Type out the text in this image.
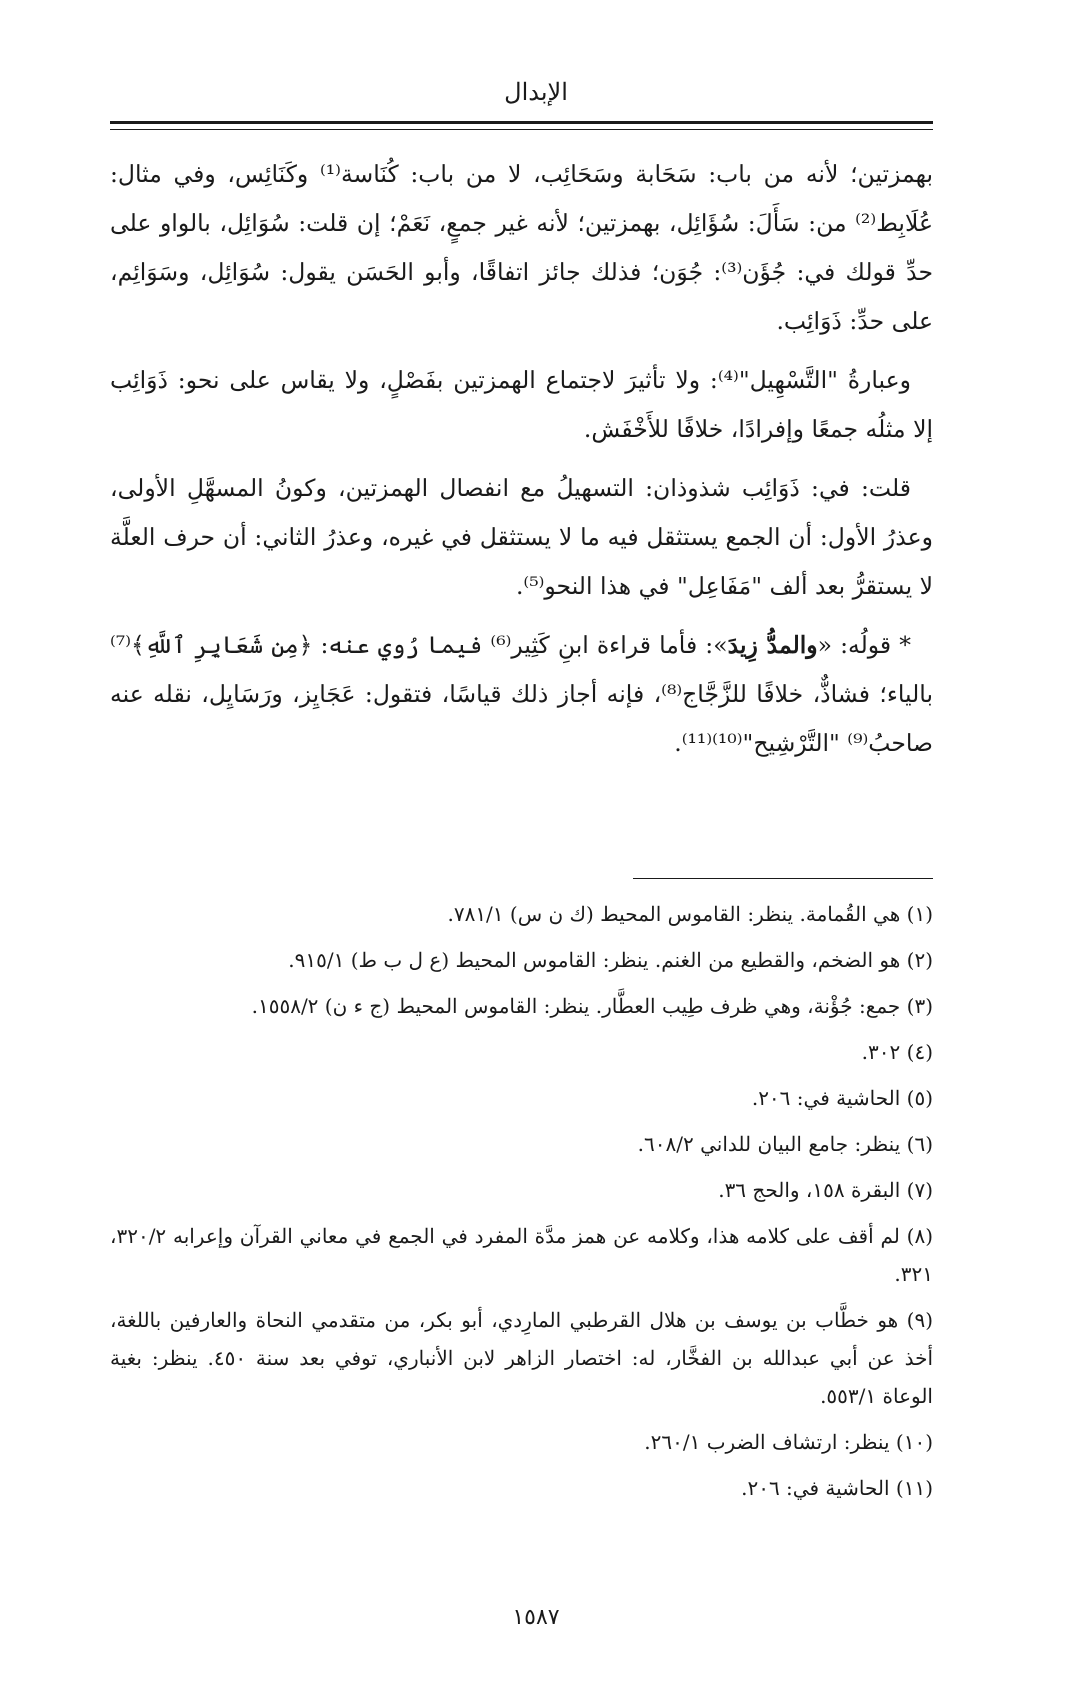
الإبدال

بهمزتين؛ لأنه من باب: سَحَابة وسَحَائِب، لا من باب: كُنَاسة⁽¹⁾ وكَنَائِس، وفي مثال: عُلَابِط⁽²⁾ من: سَأَلَ: سُؤَائِل، بهمزتين؛ لأنه غير جمعٍ، نَعَمْ؛ إن قلت: سُوَائِل، بالواو على حدِّ قولك في: جُؤَن⁽³⁾: جُوَن؛ فذلك جائز اتفاقًا، وأبو الحَسَن يقول: سُوَائِل، وسَوَائِم، على حدِّ: ذَوَائِب.

وعبارةُ "التَّسْهِيل"⁽⁴⁾: ولا تأثيرَ لاجتماع الهمزتين بفَصْلٍ، ولا يقاس على نحو: ذَوَائِب إلا مثلُه جمعًا وإفرادًا، خلافًا للأَخْفَش.

قلت: في: ذَوَائِب شذوذان: التسهيلُ مع انفصال الهمزتين، وكونُ المسهَّلِ الأولى، وعذرُ الأول: أن الجمع يستثقل فيه ما لا يستثقل في غيره، وعذرُ الثاني: أن حرف العلَّة لا يستقرُّ بعد ألف "مَفَاعِل" في هذا النحو⁽⁵⁾.

* قولُه: «والمدُّ زِيدَ»: فأما قراءة ابنِ كَثِير⁽⁶⁾ فيما رُوي عنه: ﴿مِن شَعَايِرِ ٱللَّهِ﴾⁽⁷⁾ بالياء؛ فشاذٌّ، خلافًا للزَّجَّاج⁽⁸⁾، فإنه أجاز ذلك قياسًا، فتقول: عَجَايِز، ورَسَايِل، نقله عنه صاحبُ⁽⁹⁾ "التَّرْشِيح"⁽¹⁰⁾⁽¹¹⁾.

(١) هي القُمامة. ينظر: القاموس المحيط (ك ن س) ٧٨١/١.

(٢) هو الضخم، والقطيع من الغنم. ينظر: القاموس المحيط (ع ل ب ط) ٩١٥/١.

(٣) جمع: جُؤْنة، وهي ظرف طِيب العطَّار. ينظر: القاموس المحيط (ج ء ن) ١٥٥٨/٢.

(٤) ٣٠٢.

(٥) الحاشية في: ٢٠٦.

(٦) ينظر: جامع البيان للداني ٦٠٨/٢.

(٧) البقرة ١٥٨، والحج ٣٦.

(٨) لم أقف على كلامه هذا، وكلامه عن همز مدَّة المفرد في الجمع في معاني القرآن وإعرابه ٣٢٠/٢، ٣٢١.

(٩) هو خطَّاب بن يوسف بن هلال القرطبي المارِدي، أبو بكر، من متقدمي النحاة والعارفين باللغة، أخذ عن أبي عبدالله بن الفخَّار، له: اختصار الزاهر لابن الأنباري، توفي بعد سنة ٤٥٠. ينظر: بغية الوعاة ٥٥٣/١.

(١٠) ينظر: ارتشاف الضرب ٢٦٠/١.

(١١) الحاشية في: ٢٠٦.

١٥٨٧
